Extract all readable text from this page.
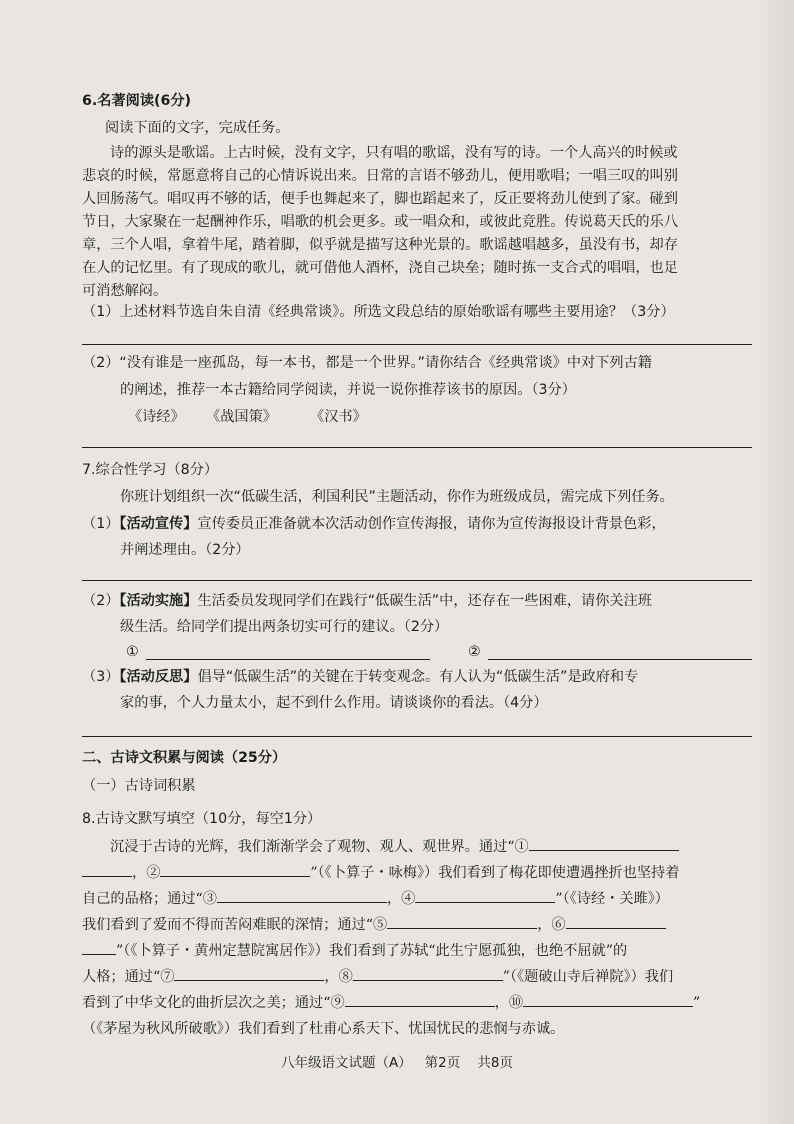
6.名著阅读(6分)
阅读下面的文字，完成任务。
诗的源头是歌谣。上古时候，没有文字，只有唱的歌谣，没有写的诗。一个人高兴的时候或
悲哀的时候，常愿意将自己的心情诉说出来。日常的言语不够劲儿，便用歌唱；一唱三叹的叫别
人回肠荡气。唱叹再不够的话，便手也舞起来了，脚也蹈起来了，反正要将劲儿使到了家。碰到
节日，大家聚在一起酬神作乐，唱歌的机会更多。或一唱众和，或彼此竞胜。传说葛天氏的乐八
章，三个人唱，拿着牛尾，踏着脚，似乎就是描写这种光景的。歌谣越唱越多，虽没有书，却存
在人的记忆里。有了现成的歌儿，就可借他人酒杯，浇自己块垒；随时拣一支合式的唱唱，也足
可消愁解闷。
（1）上述材料节选自朱自清《经典常谈》。所选文段总结的原始歌谣有哪些主要用途？（3分）
（2）“没有谁是一座孤岛，每一本书，都是一个世界。”请你结合《经典常谈》中对下列古籍
的阐述，推荐一本古籍给同学阅读，并说一说你推荐该书的原因。（3分）
《诗经》 《战国策》 《汉书》
7.综合性学习（8分）
你班计划组织一次“低碳生活，利国利民”主题活动，你作为班级成员，需完成下列任务。
（1）【活动宣传】宣传委员正准备就本次活动创作宣传海报，请你为宣传海报设计背景色彩，
并阐述理由。（2分）
（2）【活动实施】生活委员发现同学们在践行“低碳生活”中，还存在一些困难，请你关注班
级生活。给同学们提出两条切实可行的建议。（2分）
①	②
（3）【活动反思】倡导“低碳生活”的关键在于转变观念。有人认为“低碳生活”是政府和专
家的事，个人力量太小，起不到什么作用。请谈谈你的看法。（4分）
二、古诗文积累与阅读（25分）
（一）古诗词积累
8.古诗文默写填空（10分，每空1分）
沉浸于古诗的光辉，我们渐渐学会了观物、观人、观世界。通过“①
，②	”（《卜算子・咏梅》）我们看到了梅花即使遭遇挫折也坚持着
自己的品格；通过“③	，④	”（《诗经・关雎》）
我们看到了爱而不得而苦闷难眠的深情；通过“⑤	，⑥
”（《卜算子・黄州定慧院寓居作》）我们看到了苏轼“此生宁愿孤独，也绝不屈就”的
人格；通过“⑦	，⑧	”（《题破山寺后禅院》）我们
看到了中华文化的曲折层次之美；通过“⑨	，⑩	”
（《茅屋为秋风所破歌》）我们看到了杜甫心系天下、忧国忧民的悲悯与赤诚。
八年级语文试题（A） 第2页 共8页
